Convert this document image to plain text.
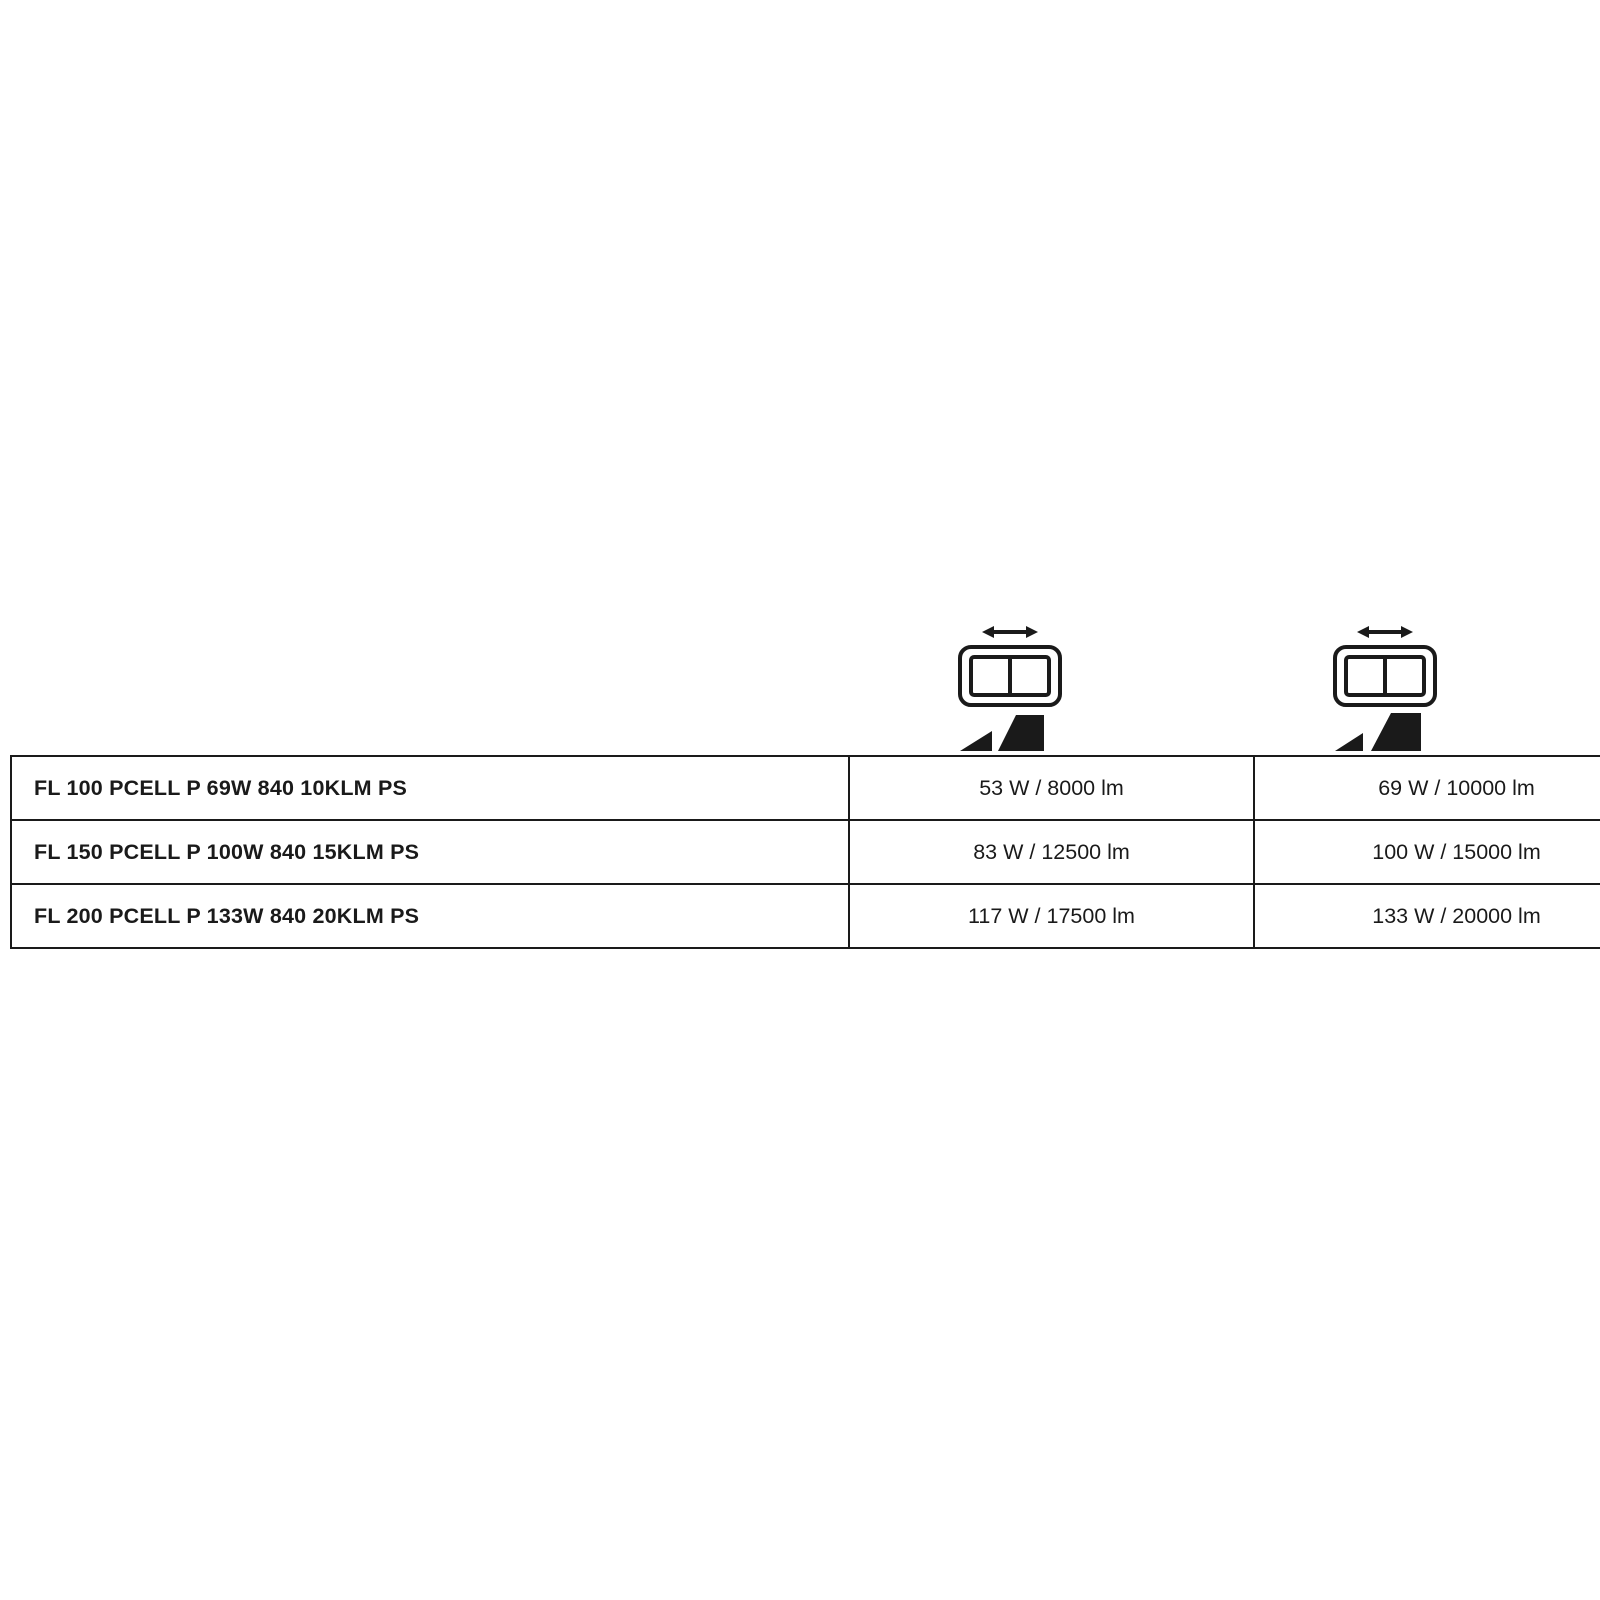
FL 100 PCELL P 69W 840 10KLM PS	53 W / 8000 lm	69 W / 10000 lm
FL 150 PCELL P 100W 840 15KLM PS	83 W / 12500 lm	100 W / 15000 lm
FL 200 PCELL P 133W 840 20KLM PS	117 W / 17500 lm	133 W / 20000 lm
